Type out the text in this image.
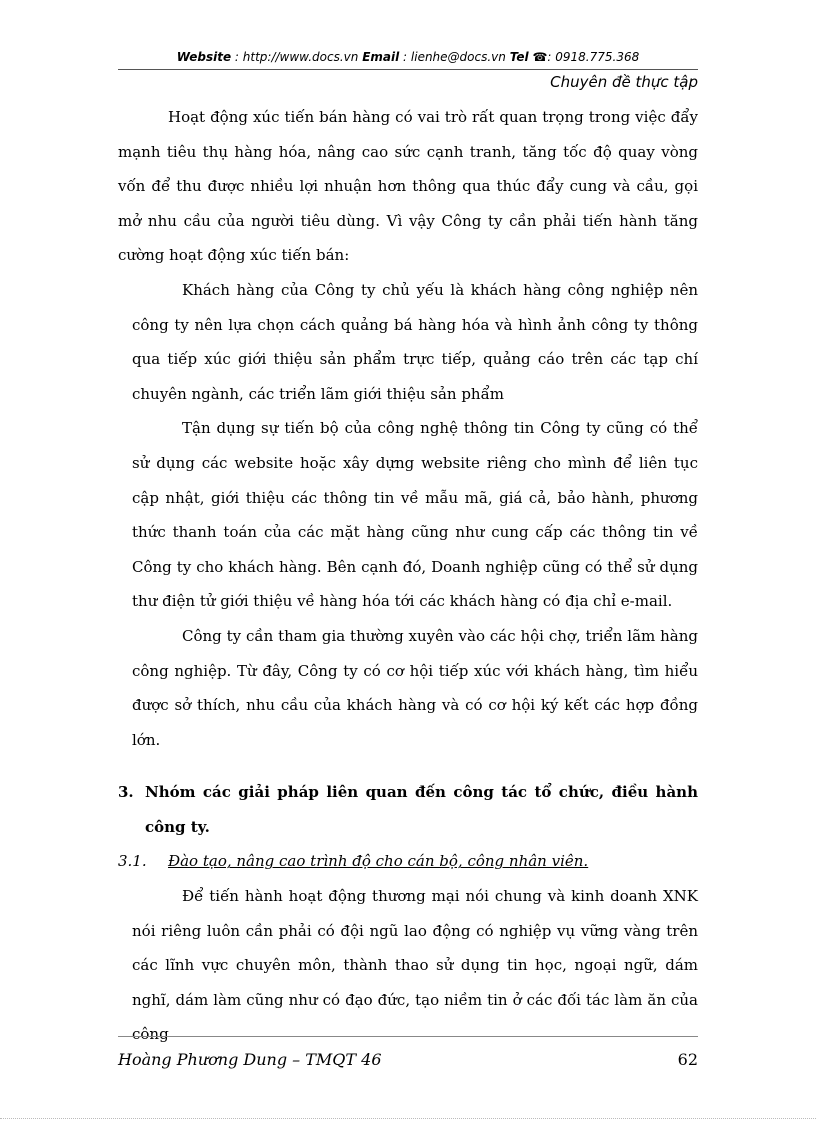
Website : http://www.docs.vn Email : lienhe@docs.vn Tel ☎: 0918.775.368
Chuyên đề thực tập

Hoạt động xúc tiến bán hàng có vai trò rất quan trọng trong việc đẩy mạnh tiêu thụ hàng hóa, nâng cao sức cạnh tranh, tăng tốc độ quay vòng vốn để thu được nhiều lợi nhuận hơn thông qua thúc đẩy cung và cầu, gọi mở nhu cầu của người tiêu dùng. Vì vậy Công ty cần phải tiến hành tăng cường hoạt động xúc tiến bán:

Khách hàng của Công ty chủ yếu là khách hàng công nghiệp nên công ty nên lựa chọn cách quảng bá hàng hóa và hình ảnh công ty thông qua tiếp xúc giới thiệu sản phẩm trực tiếp, quảng cáo trên các tạp chí chuyên ngành, các triển lãm giới thiệu sản phẩm

Tận dụng sự tiến bộ của công nghệ thông tin Công ty cũng có thể sử dụng các website hoặc xây dựng website riêng cho mình để liên tục cập nhật, giới thiệu các thông tin về mẫu mã, giá cả, bảo hành, phương thức thanh toán của các mặt hàng cũng như cung cấp các thông tin về Công ty cho khách hàng. Bên cạnh đó, Doanh nghiệp cũng có thể sử dụng thư điện tử giới thiệu về hàng hóa tới các khách hàng có địa chỉ e-mail.

Công ty cần tham gia thường xuyên vào các hội chợ, triển lãm hàng công nghiệp. Từ đây, Công ty có cơ hội tiếp xúc với khách hàng, tìm hiểu được sở thích, nhu cầu của khách hàng và có cơ hội ký kết các hợp đồng lớn.

3. Nhóm các giải pháp liên quan đến công tác tổ chức, điều hành công ty.

3.1.	Đào tạo, nâng cao trình độ cho cán bộ, công nhân viên.

Để tiến hành hoạt động thương mại nói chung và kinh doanh XNK nói riêng luôn cần phải có đội ngũ lao động có nghiệp vụ vững vàng trên các lĩnh vực chuyên môn, thành thao sử dụng tin học, ngoại ngữ, dám nghĩ, dám làm cũng như có đạo đức, tạo niềm tin ở các đối tác làm ăn của công

Hoàng Phương Dung – TMQT 46	62
